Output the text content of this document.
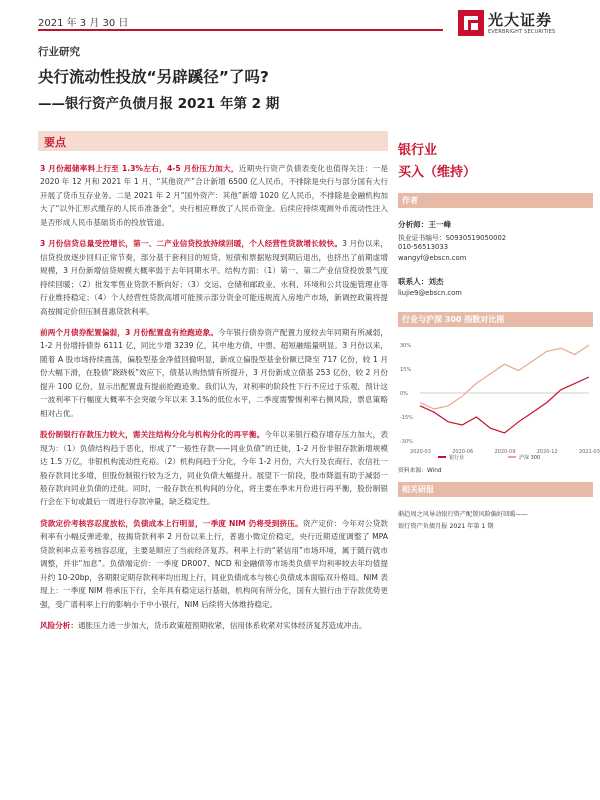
2021 年 3 月 30 日	光大证券
EVERBRIGHT SECURITIES
行业研究
央行流动性投放“另辟蹊径”了吗?
——银行资产负债月报 2021 年第 2 期
要点

3 月份超储率料上行至 1.3%左右，4-5 月份压力加大，近期央行资产负债表变化也值得关注：一是 2020 年 12 月和 2021 年 1 月，“其他资产”合计新增 6500 亿人民币，不排除是央行与部分国有大行开展了货币互存业务。二是 2021 年 2 月“国外资产：其他”新增 1020 亿人民币，不排除是金融机构加大了“以外汇形式缴存的人民币准备金”，央行相应释放了人民币资金。后续应持续观测外币流动性注入是否形成人民币基础货币的投放管道。

3 月份信贷总量受控增长，第一、二产业信贷投放持续回暖，个人经营性贷款增长较快。3 月份以来，信贷投放逐步回归正常节奏，部分基于套利目的短贷、短债和票据贴现到期后退出，也挤出了前期虚增规模，3 月份新增信贷规模大概率弱于去年同期水平。结构方面：（1）第一、第二产业信贷投放景气度持续回暖；（2）批发零售业贷款不断向好；（3）交运、仓储和邮政业、水利、环境和公共设施管理业等行业维持稳定；（4）个人经营性贷款高增可能预示部分资金可能违规流入房地产市场，新调控政策将提高按揭定价但压制普惠贷款利率。

前两个月债券配置偏弱，3 月份配置盘有抢跑迹象。今年银行债券资产配置力度较去年同期有所减弱，1-2 月份增持债券 6111 亿，同比少增 3239 亿，其中地方债、中票、超短融缩量明显。3 月份以来，随着 A 股市场持续震荡，偏股型基金净值回撤明显，新成立偏股型基金份额已降至 717 亿份，较 1 月份大幅下滑，在股债“跷跷板”效应下，债基认购热情有所提升，3 月份新成立债基 253 亿份，较 2 月份提升 100 亿份，显示出配置盘有提前抢跑迹象。我们认为，对利率的阶段性下行不应过于乐观，预计这一波利率下行幅度大概率不会突破今年以来 3.1%的低位水平，二季度需警惕利率右侧风险，票息策略相对占优。

股份制银行存款压力较大，需关注结构分化与机构分化的再平衡。今年以来银行稳存增存压力加大，表现为：（1）负债结构趋于恶化，形成了“一般性存款——同业负债”的迁徙，1-2 月份非银存款新增规模达 1.5 万亿，非银机构流动性充裕。（2）机构间趋于分化，今年 1-2 月份，六大行及农商行、农信社一般存款同比多增，但股份制银行较为乏力，同业负债大幅提升。展望下一阶段，股市降温有助于减弱一般存款向同业负债的迁徙。同时，一般存款在机构间的分化，将主要在季末月份进行再平衡，股份制银行会在下旬或最后一周进行存款冲量，缺乏稳定性。

贷款定价考核容忍度放松，负债成本上行明显，一季度 NIM 仍将受到挤压。资产定价：今年对公贷款利率有小幅反弹迹象，按揭贷款利率 2 月份以来上行，普惠小微定价稳定，央行近期适度调整了 MPA 贷款利率点差考核容忍度，主要是顺应了当前经济复苏。利率上行的“紧信用”市场环境，属于随行就市调整，并非“加息”。负债端定价：一季度 DR007、NCD 和金融债等市场类负债平均利率较去年均值提升约 10-20bp，各期限定期存款利率均出现上行，同业负债成本与核心负债成本面临双升格局。NIM 表现上：一季度 NIM 将承压下行，全年具有稳定运行基础，机构间有所分化，国有大银行由于存款优势更强，受广谱利率上行的影响小于中小银行，NIM 后续将大体维持稳定。

风险分析：通胀压力进一步加大，货币政策超预期收紧，信用体系收紧对实体经济复苏造成冲击。

银行业
买入（维持）
作者
分析师：王一峰
执业证书编号：S0930519050002
010-56513033
wangyf@ebscn.com
联系人：刘杰
liujie9@ebscn.com
行业与沪深 300 指数对比图
-30%
-15%
0%
15%
30%
2020-03	2020-06	2020-09	2020-12	2021-03
银行业	沪深 300
资料来源：Wind
相关研报
渐趋周之风导动银行资产配置风险偏好回暖——
银行资产负债月报 2021 年第 1 期
